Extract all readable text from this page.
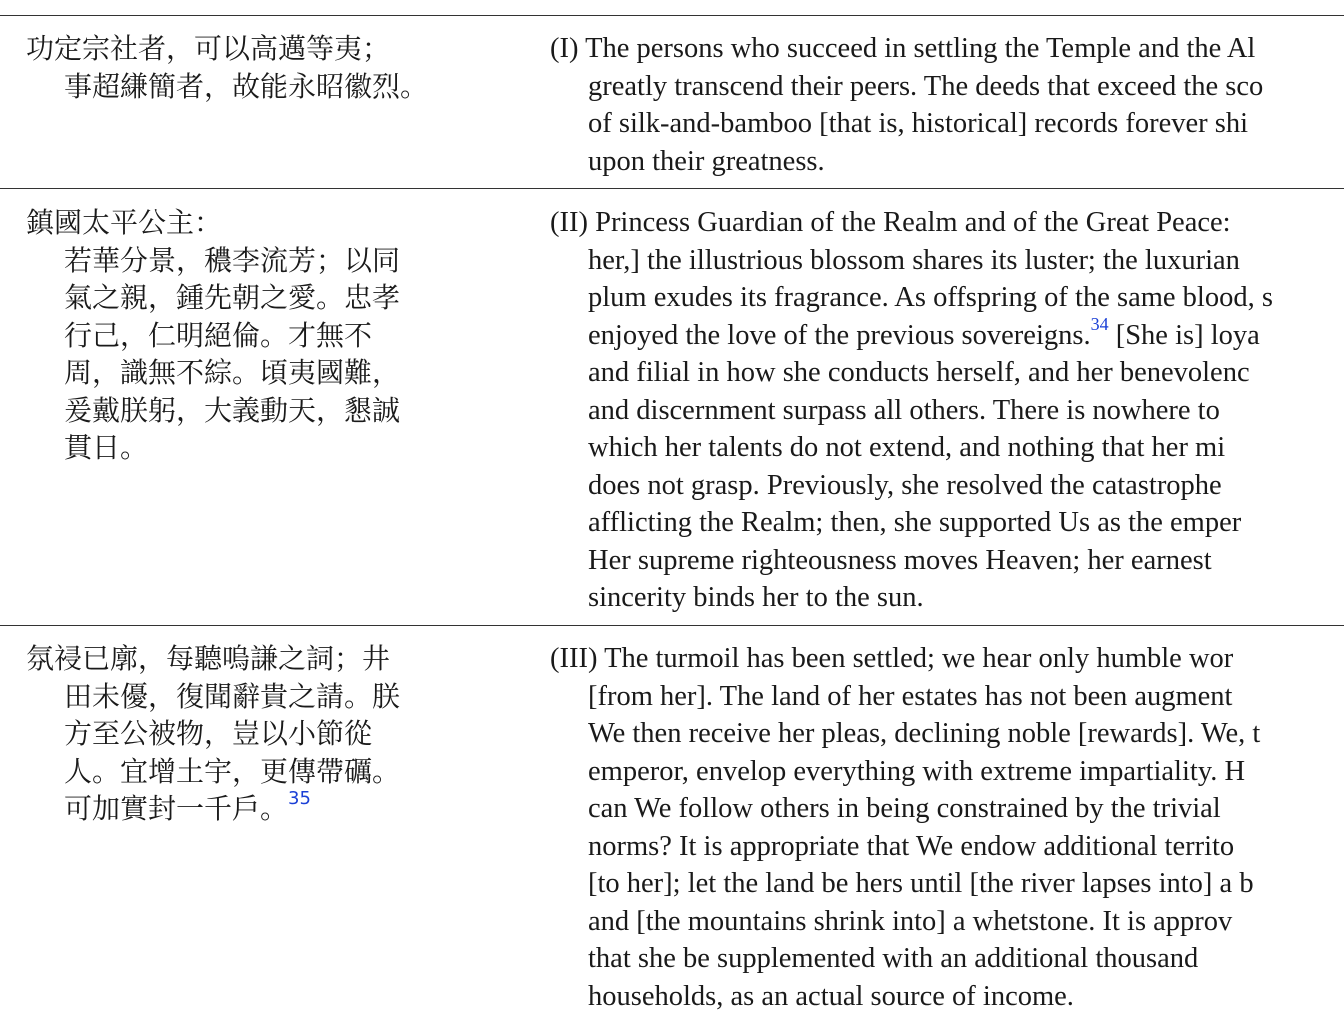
功定宗社者，可以高邁等夷；
事超縑簡者，故能永昭徽烈。
(I) The persons who succeed in settling the Temple and the Al
greatly transcend their peers. The deeds that exceed the sco
of silk-and-bamboo [that is, historical] records forever shi
upon their greatness.
鎮國太平公主：
若華分景，穠李流芳；以同
氣之親，鍾先朝之愛。忠孝
行己，仁明絕倫。才無不
周，識無不綜。頃夷國難，
爰戴朕躬，大義動天，懇誠
貫日。
(II) Princess Guardian of the Realm and of the Great Peace:
her,] the illustrious blossom shares its luster; the luxurian
plum exudes its fragrance. As offspring of the same blood, s
enjoyed the love of the previous sovereigns.$^{34}$ [She is] loya
and filial in how she conducts herself, and her benevolenc
and discernment surpass all others. There is nowhere to
which her talents do not extend, and nothing that her mi
does not grasp. Previously, she resolved the catastrophe
afflicting the Realm; then, she supported Us as the emper
Her supreme righteousness moves Heaven; her earnest
sincerity binds her to the sun.
氛祲已廓，每聽嗚謙之詞；井
田未優，復聞辭貴之請。朕
方至公被物，豈以小節從
人。宜增土宇，更傳帶礪。
可加實封一千戶。$^{35}$
(III) The turmoil has been settled; we hear only humble wor
[from her]. The land of her estates has not been augment
We then receive her pleas, declining noble [rewards]. We, t
emperor, envelop everything with extreme impartiality. H
can We follow others in being constrained by the trivial
norms? It is appropriate that We endow additional territo
[to her]; let the land be hers until [the river lapses into] a b
and [the mountains shrink into] a whetstone. It is approv
that she be supplemented with an additional thousand
households, as an actual source of income.
